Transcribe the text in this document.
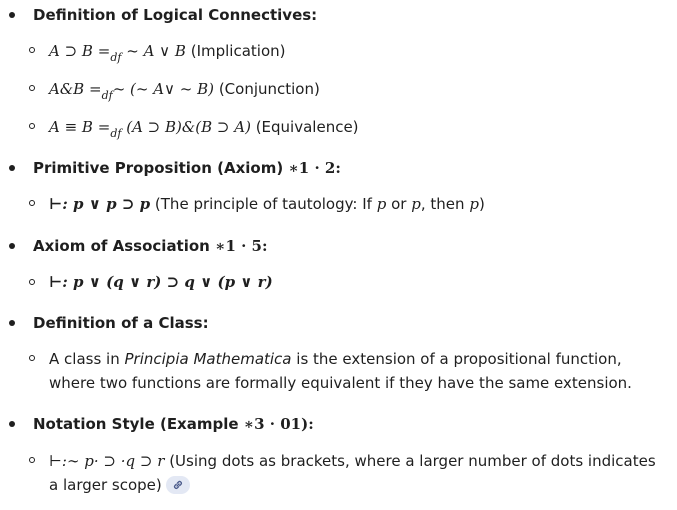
Definition of Logical Connectives:
A ⊃ $B =_{df}$ ~ A ∨ B (Implication)
A&B $=_{df}\sim$ (~ A∨ ~ B) (Conjunction)
$A \equiv B =_{df}$ (A ⊃ B)&(B ⊃ A) (Equivalence)
Primitive Proposition (Axiom) ∗1 · 2:
⊢: p ∨ p ⊃ p (The principle of tautology: If p or p, then p)
Axiom of Association ∗1 · 5:
⊢: p ∨ (q ∨ r) ⊃ q ∨ (p ∨ r)
Definition of a Class:
A class in Principia Mathematica is the extension of a propositional function,
where two functions are formally equivalent if they have the same extension.
Notation Style (Example ∗3 · 01):
⊢:∼ p· ⊃ ·q ⊃ r (Using dots as brackets, where a larger number of dots indicates
a larger scope)
